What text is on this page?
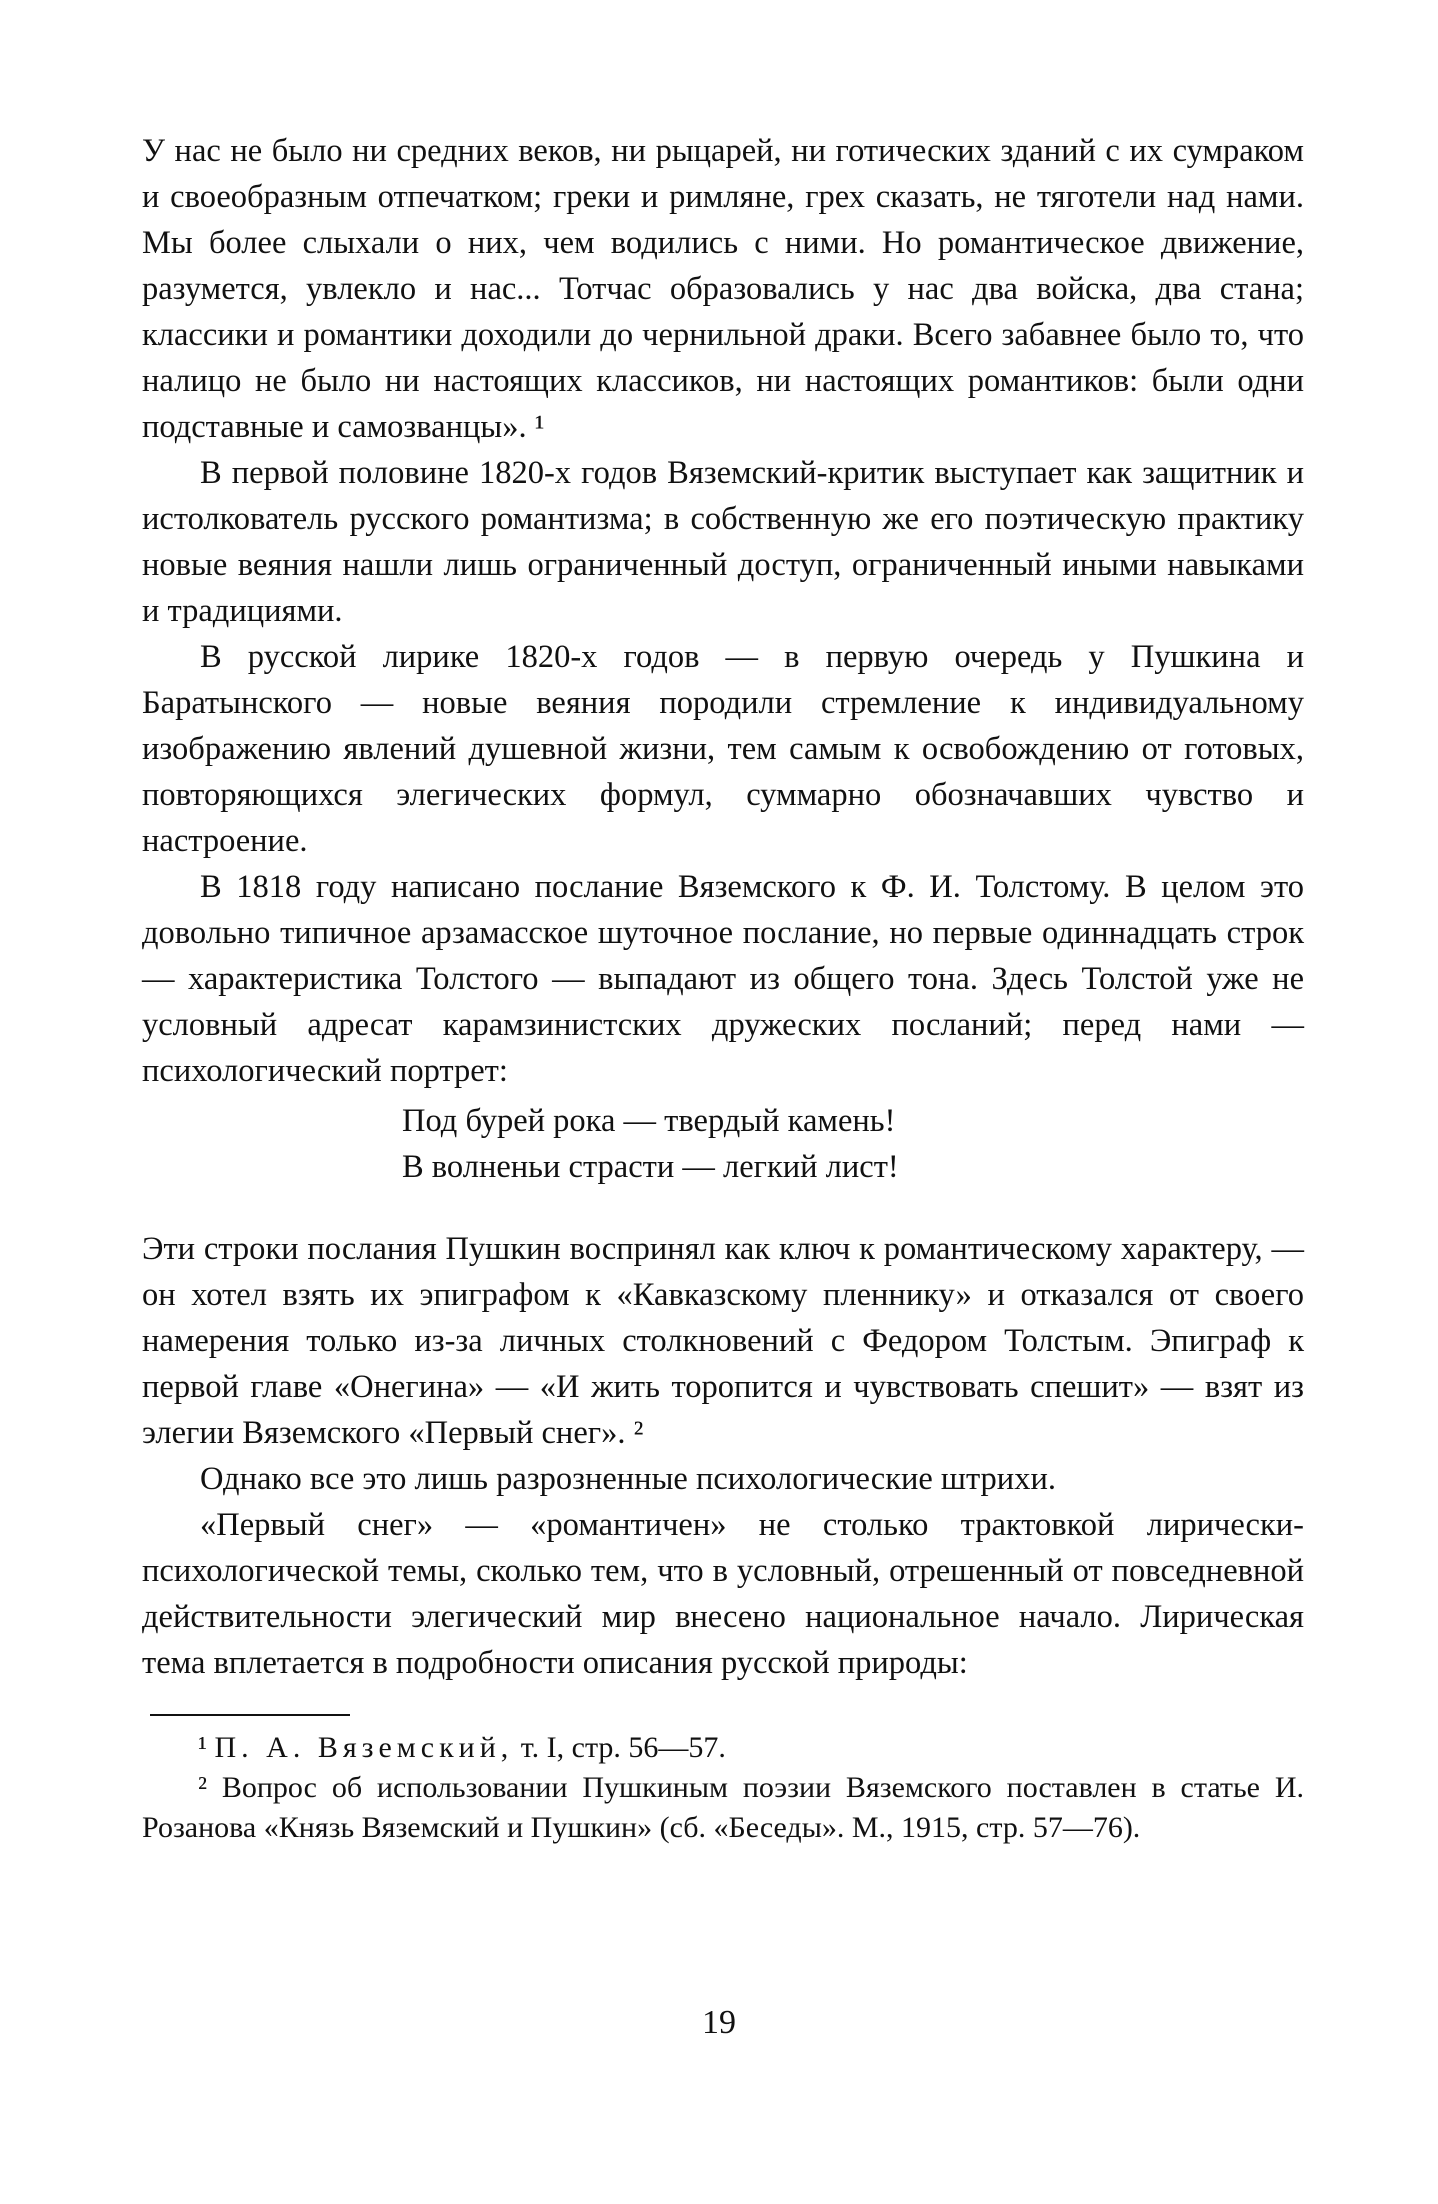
У нас не было ни средних веков, ни рыцарей, ни готических зданий с их сумраком и своеобразным отпечатком; греки и римляне, грех сказать, не тяготели над нами. Мы более слыхали о них, чем водились с ними. Но романтическое движение, разумется, увлекло и нас... Тотчас образовались у нас два войска, два стана; классики и романтики доходили до чернильной драки. Всего забавнее было то, что налицо не было ни настоящих классиков, ни настоящих романтиков: были одни подставные и самозванцы». ¹

В первой половине 1820-х годов Вяземский-критик выступает как защитник и истолкователь русского романтизма; в собственную же его поэтическую практику новые веяния нашли лишь ограниченный доступ, ограниченный иными навыками и традициями.

В русской лирике 1820-х годов — в первую очередь у Пушкина и Баратынского — новые веяния породили стремление к индивидуальному изображению явлений душевной жизни, тем самым к освобождению от готовых, повторяющихся элегических формул, суммарно обозначавших чувство и настроение.

В 1818 году написано послание Вяземского к Ф. И. Толстому. В целом это довольно типичное арзамасское шуточное послание, но первые одиннадцать строк — характеристика Толстого — выпадают из общего тона. Здесь Толстой уже не условный адресат карамзинистских дружеских посланий; перед нами — психологический портрет:

Под бурей рока — твердый камень!
В волненьи страсти — легкий лист!

Эти строки послания Пушкин воспринял как ключ к романтическому характеру, — он хотел взять их эпиграфом к «Кавказскому пленнику» и отказался от своего намерения только из-за личных столкновений с Федором Толстым. Эпиграф к первой главе «Онегина» — «И жить торопится и чувствовать спешит» — взят из элегии Вяземского «Первый снег». ²

Однако все это лишь разрозненные психологические штрихи.

«Первый снег» — «романтичен» не столько трактовкой лирически-психологической темы, сколько тем, что в условный, отрешенный от повседневной действительности элегический мир внесено национальное начало. Лирическая тема вплетается в подробности описания русской природы:

¹ П. А. Вяземский, т. I, стр. 56—57.

² Вопрос об использовании Пушкиным поэзии Вяземского поставлен в статье И. Розанова «Князь Вяземский и Пушкин» (сб. «Беседы». М., 1915, стр. 57—76).

19
